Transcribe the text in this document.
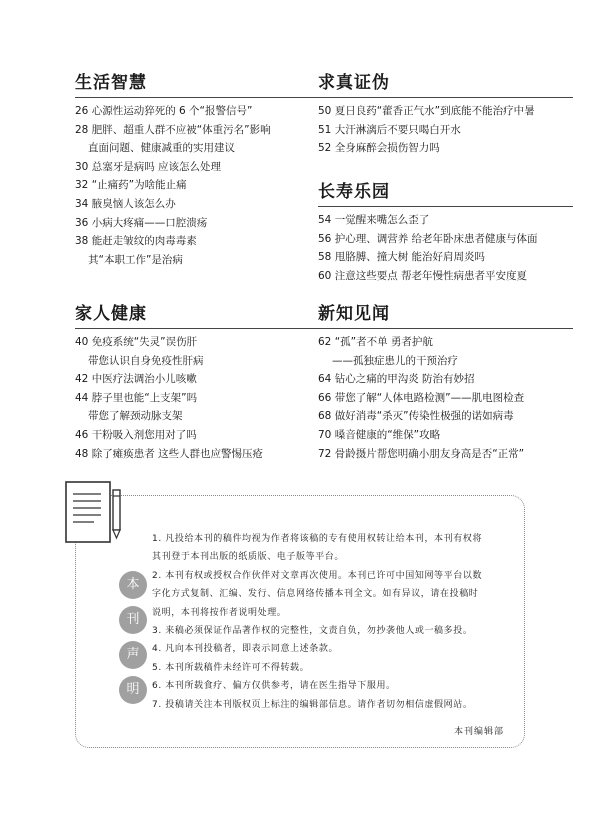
生活智慧
26 心源性运动猝死的 6 个“报警信号”
28 肥胖、超重人群不应被“体重污名”影响
直面问题、健康减重的实用建议
30 总塞牙是病吗 应该怎么处理
32 “止痛药”为啥能止痛
34 腋臭恼人该怎么办
36 小病大疼痛——口腔溃疡
38 能赶走皱纹的肉毒毒素
其“本职工作”是治病
求真证伪
50 夏日良药“藿香正气水”到底能不能治疗中暑
51 大汗淋漓后不要只喝白开水
52 全身麻醉会损伤智力吗
长寿乐园
54 一觉醒来嘴怎么歪了
56 护心理、调营养 给老年卧床患者健康与体面
58 甩胳膊、撞大树 能治好肩周炎吗
60 注意这些要点 帮老年慢性病患者平安度夏
家人健康
40 免疫系统“失灵”误伤肝
带您认识自身免疫性肝病
42 中医疗法调治小儿咳嗽
44 脖子里也能“上支架”吗
带您了解颈动脉支架
46 干粉吸入剂您用对了吗
48 除了瘫痪患者 这些人群也应警惕压疮
新知见闻
62 “孤”者不单 勇者护航
——孤独症患儿的干预治疗
64 钻心之痛的甲沟炎 防治有妙招
66 带您了解“人体电路检测”——肌电图检查
68 做好消毒“杀灭”传染性极强的诺如病毒
70 嗓音健康的“维保”攻略
72 骨龄摄片帮您明确小朋友身高是否“正常”
本
刊
声
明
1. 凡投给本刊的稿件均视为作者将该稿的专有使用权转让给本刊，本刊有权将
其刊登于本刊出版的纸质版、电子版等平台。
2. 本刊有权或授权合作伙伴对文章再次使用。本刊已许可中国知网等平台以数
字化方式复制、汇编、发行、信息网络传播本刊全文。如有异议，请在投稿时
说明，本刊将按作者说明处理。
3. 来稿必须保证作品著作权的完整性，文责自负，勿抄袭他人或一稿多投。
4. 凡向本刊投稿者，即表示同意上述条款。
5. 本刊所载稿件未经许可不得转载。
6. 本刊所载食疗、偏方仅供参考，请在医生指导下服用。
7. 投稿请关注本刊版权页上标注的编辑部信息。请作者切勿相信虚假网站。
本刊编辑部
